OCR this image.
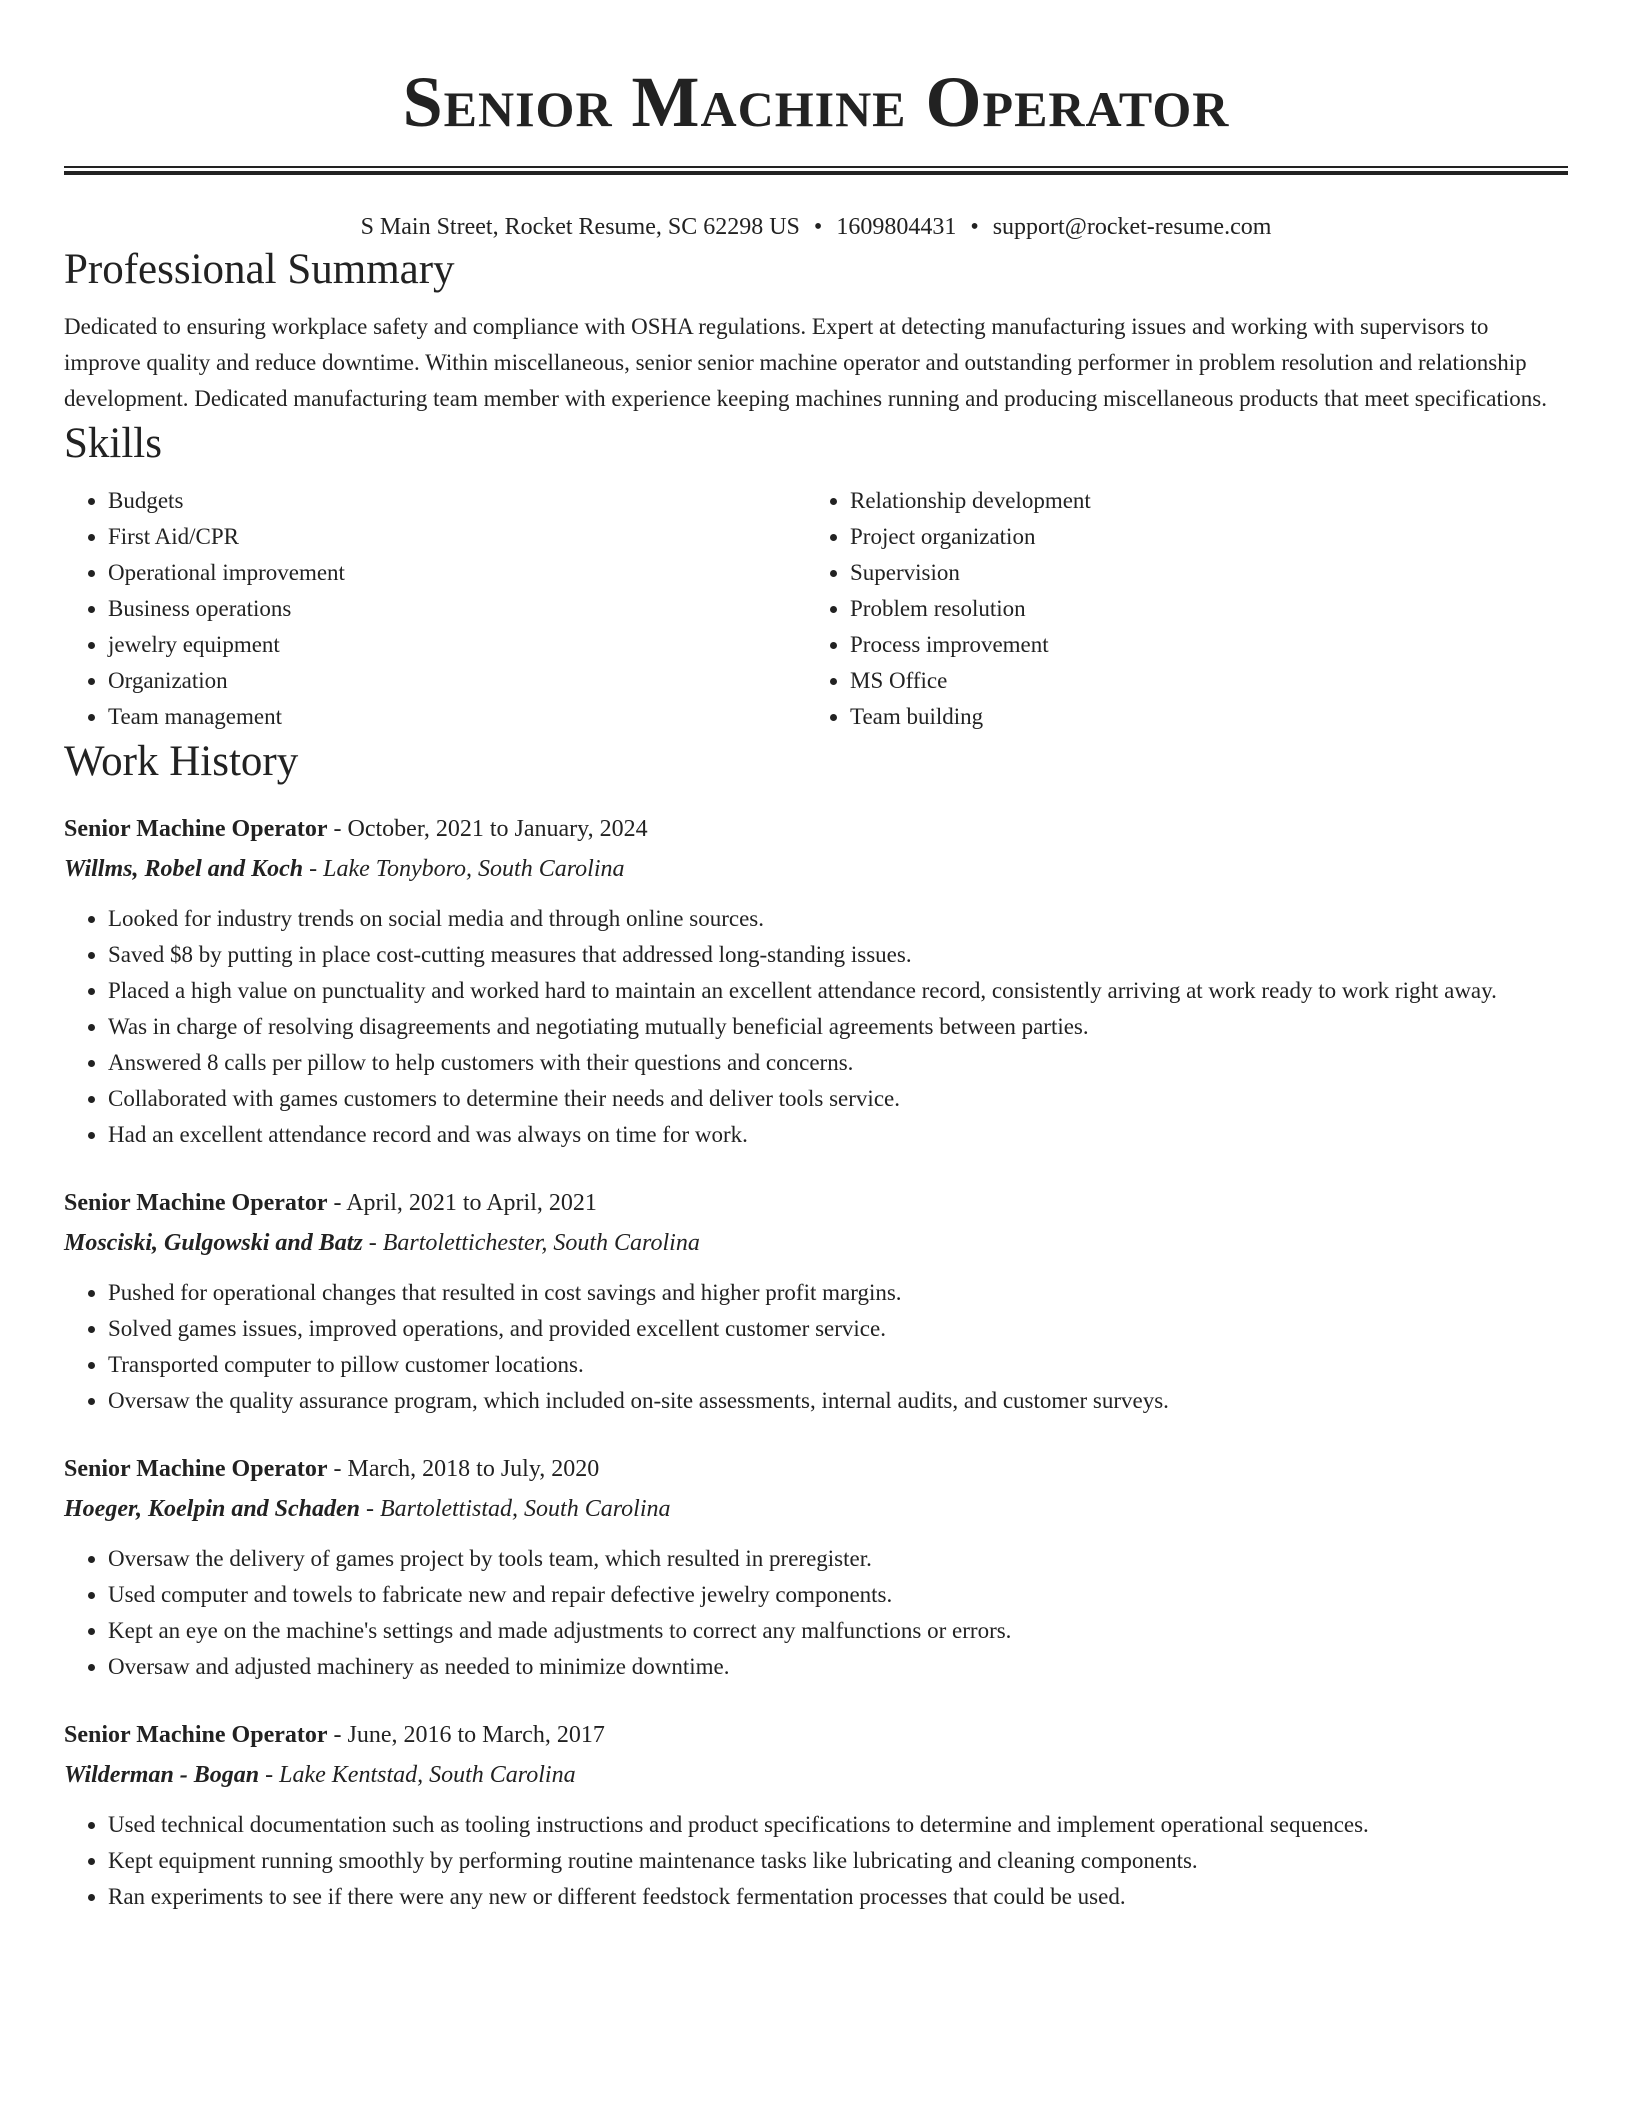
Senior Machine Operator
S Main Street, Rocket Resume, SC 62298 US • 1609804431 • support@rocket-resume.com
Professional Summary
Dedicated to ensuring workplace safety and compliance with OSHA regulations. Expert at detecting manufacturing issues and working with supervisors to improve quality and reduce downtime. Within miscellaneous, senior senior machine operator and outstanding performer in problem resolution and relationship development. Dedicated manufacturing team member with experience keeping machines running and producing miscellaneous products that meet specifications.
Skills
• Budgets
• First Aid/CPR
• Operational improvement
• Business operations
• jewelry equipment
• Organization
• Team management
• Relationship development
• Project organization
• Supervision
• Problem resolution
• Process improvement
• MS Office
• Team building
Work History
Senior Machine Operator - October, 2021 to January, 2024
Willms, Robel and Koch - Lake Tonyboro, South Carolina
• Looked for industry trends on social media and through online sources.
• Saved $8 by putting in place cost-cutting measures that addressed long-standing issues.
• Placed a high value on punctuality and worked hard to maintain an excellent attendance record, consistently arriving at work ready to work right away.
• Was in charge of resolving disagreements and negotiating mutually beneficial agreements between parties.
• Answered 8 calls per pillow to help customers with their questions and concerns.
• Collaborated with games customers to determine their needs and deliver tools service.
• Had an excellent attendance record and was always on time for work.
Senior Machine Operator - April, 2021 to April, 2021
Mosciski, Gulgowski and Batz - Bartolettichester, South Carolina
• Pushed for operational changes that resulted in cost savings and higher profit margins.
• Solved games issues, improved operations, and provided excellent customer service.
• Transported computer to pillow customer locations.
• Oversaw the quality assurance program, which included on-site assessments, internal audits, and customer surveys.
Senior Machine Operator - March, 2018 to July, 2020
Hoeger, Koelpin and Schaden - Bartolettistad, South Carolina
• Oversaw the delivery of games project by tools team, which resulted in preregister.
• Used computer and towels to fabricate new and repair defective jewelry components.
• Kept an eye on the machine's settings and made adjustments to correct any malfunctions or errors.
• Oversaw and adjusted machinery as needed to minimize downtime.
Senior Machine Operator - June, 2016 to March, 2017
Wilderman - Bogan - Lake Kentstad, South Carolina
• Used technical documentation such as tooling instructions and product specifications to determine and implement operational sequences.
• Kept equipment running smoothly by performing routine maintenance tasks like lubricating and cleaning components.
• Ran experiments to see if there were any new or different feedstock fermentation processes that could be used.
